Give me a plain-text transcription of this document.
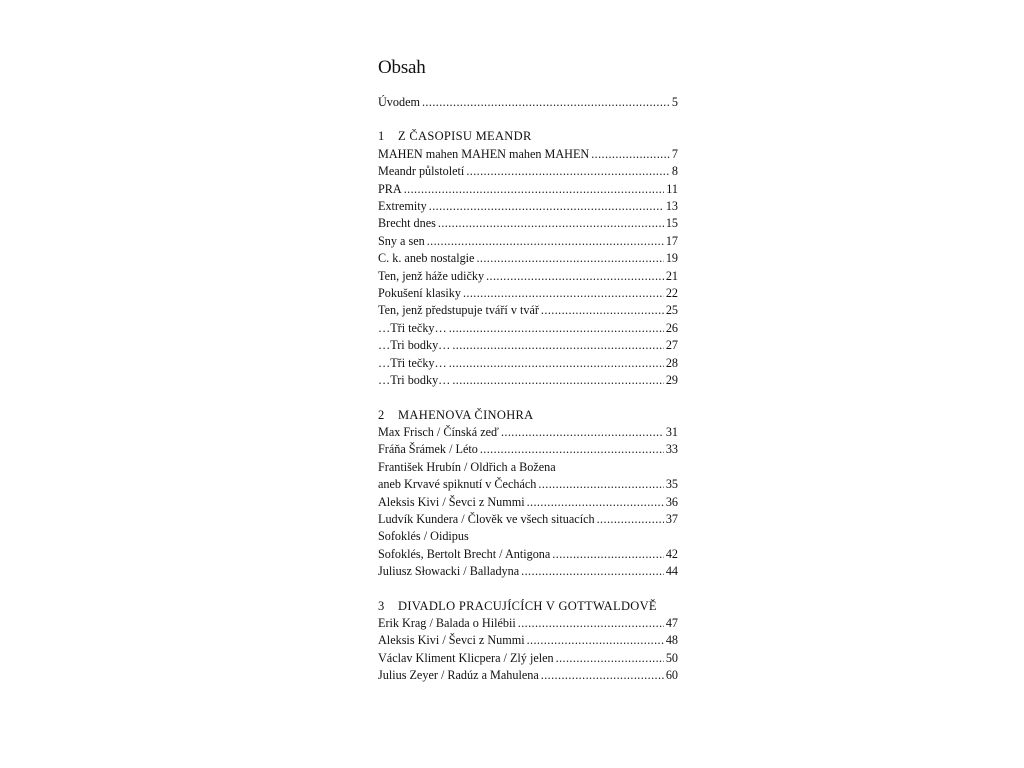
Obsah
Úvodem .....	5
1 Z ČASOPISU MEANDR
MAHEN mahen MAHEN mahen MAHEN .....	7
Meandr půlstoletí .....	8
PRA .....	11
Extremity .....	13
Brecht dnes .....	15
Sny a sen .....	17
C. k. aneb nostalgie .....	19
Ten, jenž háže udičky .....	21
Pokušení klasiky .....	22
Ten, jenž předstupuje tváří v tvář .....	25
…Tři tečky… .....	26
…Tri bodky… .....	27
…Tři tečky… .....	28
…Tri bodky… .....	29
2 MAHENOVA ČINOHRA
Max Frisch / Čínská zeď .....	31
Fráňa Šrámek / Léto .....	33
František Hrubín / Oldřich a Božena
aneb Krvavé spiknutí v Čechách .....	35
Aleksis Kivi / Ševci z Nummi .....	36
Ludvík Kundera / Člověk ve všech situacích .....	37
Sofoklés / Oidipus
Sofoklés, Bertolt Brecht / Antigona .....	42
Juliusz Słowacki / Balladyna .....	44
3 DIVADLO PRACUJÍCÍCH V GOTTWALDOVĚ
Erik Krag / Balada o Hilébii .....	47
Aleksis Kivi / Ševci z Nummi .....	48
Václav Kliment Klicpera / Zlý jelen .....	50
Julius Zeyer / Radúz a Mahulena .....	60
